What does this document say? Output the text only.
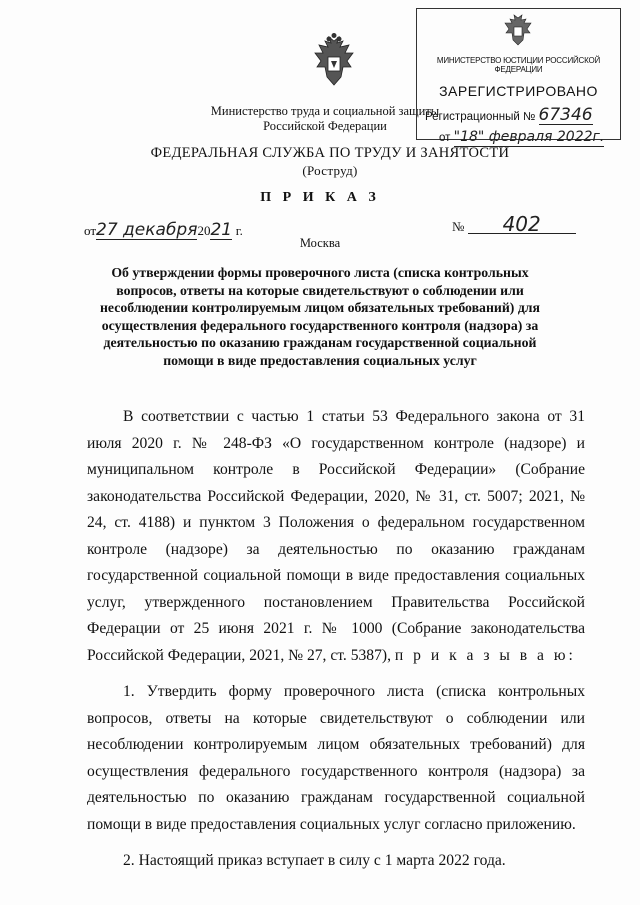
Министерство труда и социальной защиты
Российской Федерации
МИНИСТЕРСТВО ЮСТИЦИИ РОССИЙСКОЙ ФЕДЕРАЦИИ
ЗАРЕГИСТРИРОВАНО
Регистрационный № 67346
от "18" февраля 2022г.
ФЕДЕРАЛЬНАЯ СЛУЖБА ПО ТРУДУ И ЗАНЯТОСТИ
(Роструд)
П Р И К А З
от27 декабря2021 г.	№ 402
Москва
Об утверждении формы проверочного листа (списка контрольных вопросов, ответы на которые свидетельствуют о соблюдении или несоблюдении контролируемым лицом обязательных требований) для осуществления федерального государственного контроля (надзора) за деятельностью по оказанию гражданам государственной социальной помощи в виде предоставления социальных услуг

В соответствии с частью 1 статьи 53 Федерального закона от 31 июля 2020 г. № 248-ФЗ «О государственном контроле (надзоре) и муниципальном контроле в Российской Федерации» (Собрание законодательства Российской Федерации, 2020, № 31, ст. 5007; 2021, № 24, ст. 4188) и пунктом 3 Положения о федеральном государственном контроле (надзоре) за деятельностью по оказанию гражданам государственной социальной помощи в виде предоставления социальных услуг, утвержденного постановлением Правительства Российской Федерации от 25 июня 2021 г. № 1000 (Собрание законодательства Российской Федерации, 2021, № 27, ст. 5387), п р и к а з ы в а ю:

1. Утвердить форму проверочного листа (списка контрольных вопросов, ответы на которые свидетельствуют о соблюдении или несоблюдении контролируемым лицом обязательных требований) для осуществления федерального государственного контроля (надзора) за деятельностью по оказанию гражданам государственной социальной помощи в виде предоставления социальных услуг согласно приложению.

2. Настоящий приказ вступает в силу с 1 марта 2022 года.
